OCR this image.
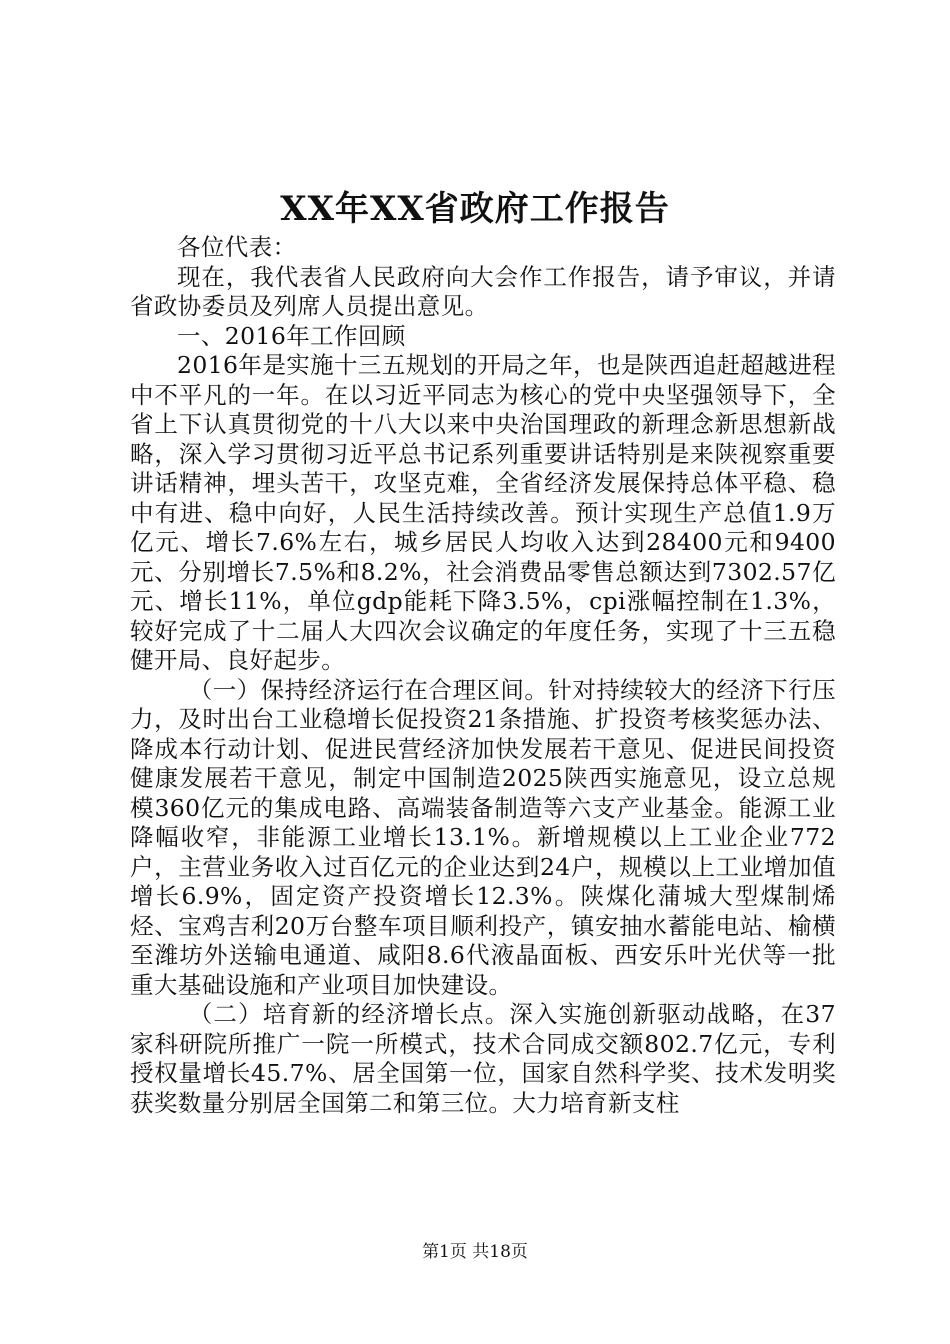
XX年XX省政府工作报告

各位代表：

现在，我代表省人民政府向大会作工作报告，请予审议，并请省政协委员及列席人员提出意见。

一、2016年工作回顾

2016年是实施十三五规划的开局之年，也是陕西追赶超越进程中不平凡的一年。在以习近平同志为核心的党中央坚强领导下，全省上下认真贯彻党的十八大以来中央治国理政的新理念新思想新战略，深入学习贯彻习近平总书记系列重要讲话特别是来陕视察重要讲话精神，埋头苦干，攻坚克难，全省经济发展保持总体平稳、稳中有进、稳中向好，人民生活持续改善。预计实现生产总值1.9万亿元、增长7.6%左右，城乡居民人均收入达到28400元和9400元、分别增长7.5%和8.2%，社会消费品零售总额达到7302.57亿元、增长11%，单位gdp能耗下降3.5%，cpi涨幅控制在1.3%，较好完成了十二届人大四次会议确定的年度任务，实现了十三五稳健开局、良好起步。

（一）保持经济运行在合理区间。针对持续较大的经济下行压力，及时出台工业稳增长促投资21条措施、扩投资考核奖惩办法、降成本行动计划、促进民营经济加快发展若干意见、促进民间投资健康发展若干意见，制定中国制造2025陕西实施意见，设立总规模360亿元的集成电路、高端装备制造等六支产业基金。能源工业降幅收窄，非能源工业增长13.1%。新增规模以上工业企业772户，主营业务收入过百亿元的企业达到24户，规模以上工业增加值增长6.9%，固定资产投资增长12.3%。陕煤化蒲城大型煤制烯烃、宝鸡吉利20万台整车项目顺利投产，镇安抽水蓄能电站、榆横至潍坊外送输电通道、咸阳8.6代液晶面板、西安乐叶光伏等一批重大基础设施和产业项目加快建设。

（二）培育新的经济增长点。深入实施创新驱动战略，在37家科研院所推广一院一所模式，技术合同成交额802.7亿元，专利授权量增长45.7%、居全国第一位，国家自然科学奖、技术发明奖获奖数量分别居全国第二和第三位。大力培育新支柱

第1页 共18页
